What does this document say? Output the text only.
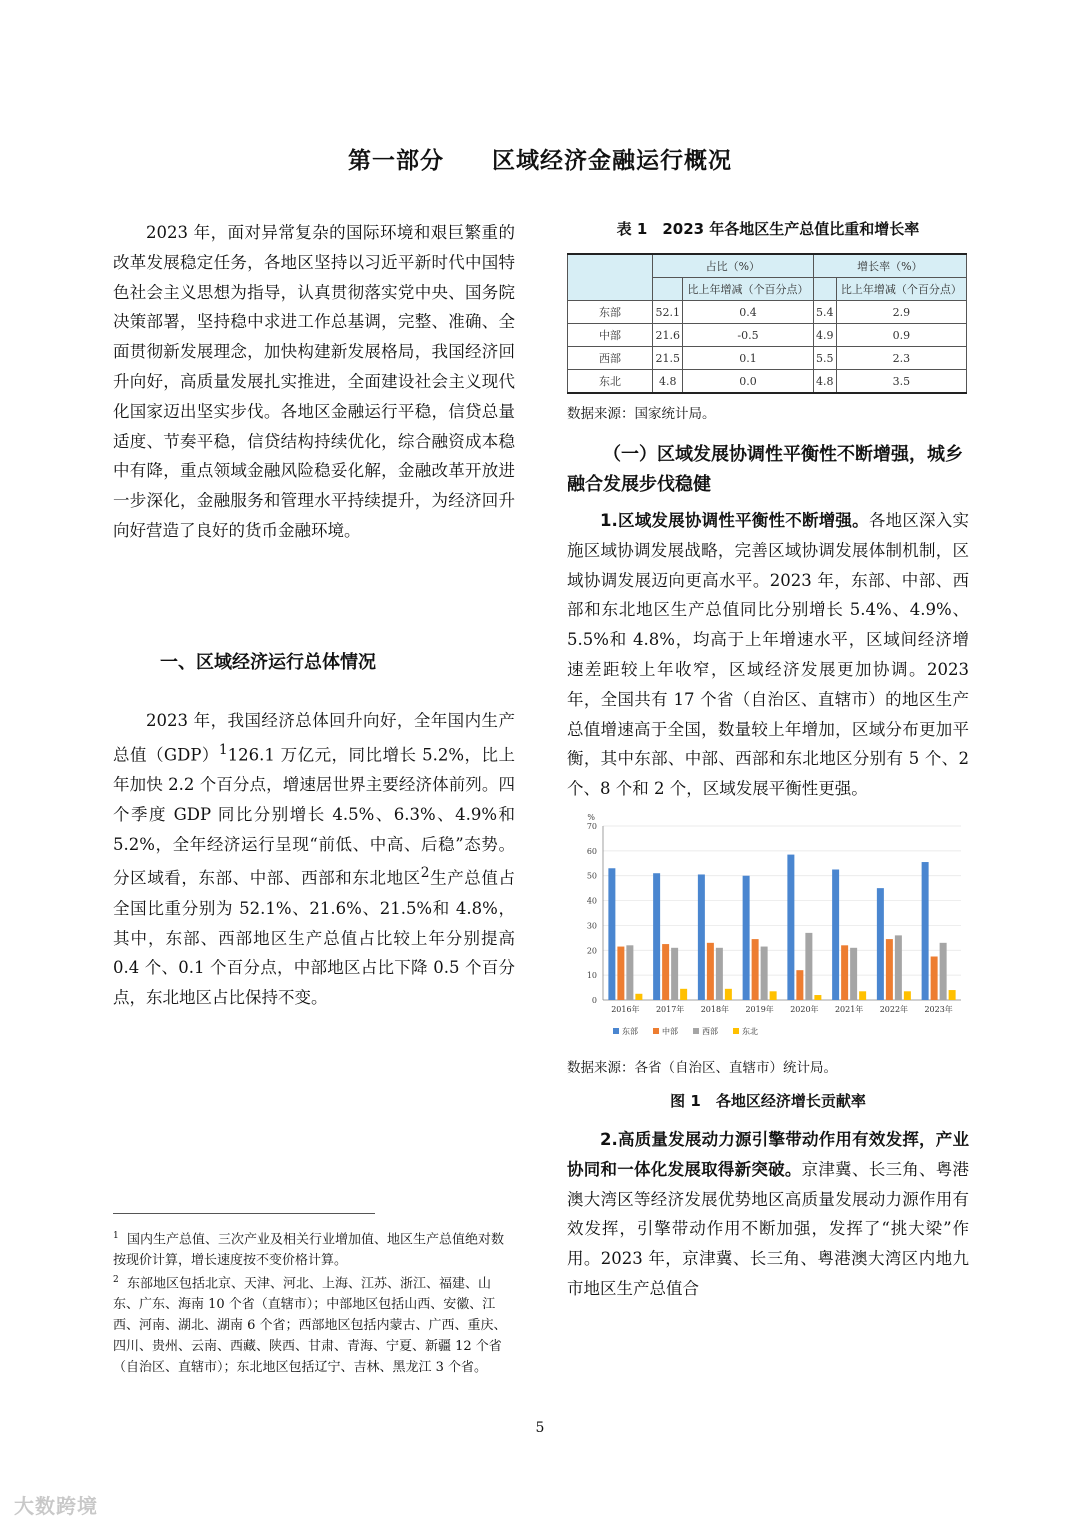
第一部分 区域经济金融运行概况

2023 年，面对异常复杂的国际环境和艰巨繁重的改革发展稳定任务，各地区坚持以习近平新时代中国特色社会主义思想为指导，认真贯彻落实党中央、国务院决策部署，坚持稳中求进工作总基调，完整、准确、全面贯彻新发展理念，加快构建新发展格局，我国经济回升向好，高质量发展扎实推进，全面建设社会主义现代化国家迈出坚实步伐。各地区金融运行平稳，信贷总量适度、节奏平稳，信贷结构持续优化，综合融资成本稳中有降，重点领域金融风险稳妥化解，金融改革开放进一步深化，金融服务和管理水平持续提升，为经济回升向好营造了良好的货币金融环境。

一、区域经济运行总体情况

2023 年，我国经济总体回升向好，全年国内生产总值（GDP）$^1$126.1 万亿元，同比增长 5.2%，比上年加快 2.2 个百分点，增速居世界主要经济体前列。四个季度 GDP 同比分别增长 4.5%、6.3%、4.9%和 5.2%，全年经济运行呈现“前低、中高、后稳”态势。分区域看，东部、中部、西部和东北地区$^2$生产总值占全国比重分别为 52.1%、21.6%、21.5%和 4.8%，其中，东部、西部地区生产总值占比较上年分别提高 0.4 个、0.1 个百分点，中部地区占比下降 0.5 个百分点，东北地区占比保持不变。

$^1$ 国内生产总值、三次产业及相关行业增加值、地区生产总值绝对数按现价计算，增长速度按不变价格计算。
$^2$ 东部地区包括北京、天津、河北、上海、江苏、浙江、福建、山东、广东、海南 10 个省（直辖市）；中部地区包括山西、安徽、江西、河南、湖北、湖南 6 个省；西部地区包括内蒙古、广西、重庆、四川、贵州、云南、西藏、陕西、甘肃、青海、宁夏、新疆 12 个省（自治区、直辖市）；东北地区包括辽宁、吉林、黑龙江 3 个省。

表 1　2023 年各地区生产总值比重和增长率

	占比（%）		增长率（%）	
		比上年增减（个百分点）		比上年增减（个百分点）
东部	52.1	0.4	5.4	2.9
中部	21.6	-0.5	4.9	0.9
西部	21.5	0.1	5.5	2.3
东北	4.8	0.0	4.8	3.5

数据来源：国家统计局。

（一）区域发展协调性平衡性不断增强，城乡融合发展步伐稳健

1.区域发展协调性平衡性不断增强。各地区深入实施区域协调发展战略，完善区域协调发展体制机制，区域协调发展迈向更高水平。2023 年，东部、中部、西部和东北地区生产总值同比分别增长 5.4%、4.9%、5.5%和 4.8%，均高于上年增速水平，区域间经济增速差距较上年收窄，区域经济发展更加协调。2023 年，全国共有 17 个省（自治区、直辖市）的地区生产总值增速高于全国，数量较上年增加，区域分布更加平衡，其中东部、中部、西部和东北地区分别有 5 个、2 个、8 个和 2 个，区域发展平衡性更强。

%
0
10
20
30
40
50
60
70
2016年 2017年 2018年 2019年 2020年 2021年 2022年 2023年
东部	中部	西部	东北

数据来源：各省（自治区、直辖市）统计局。

图 1　各地区经济增长贡献率

2.高质量发展动力源引擎带动作用有效发挥，产业协同和一体化发展取得新突破。京津冀、长三角、粤港澳大湾区等经济发展优势地区高质量发展动力源作用有效发挥，引擎带动作用不断加强，发挥了“挑大梁”作用。2023 年，京津冀、长三角、粤港澳大湾区内地九市地区生产总值合

5
大数跨境
